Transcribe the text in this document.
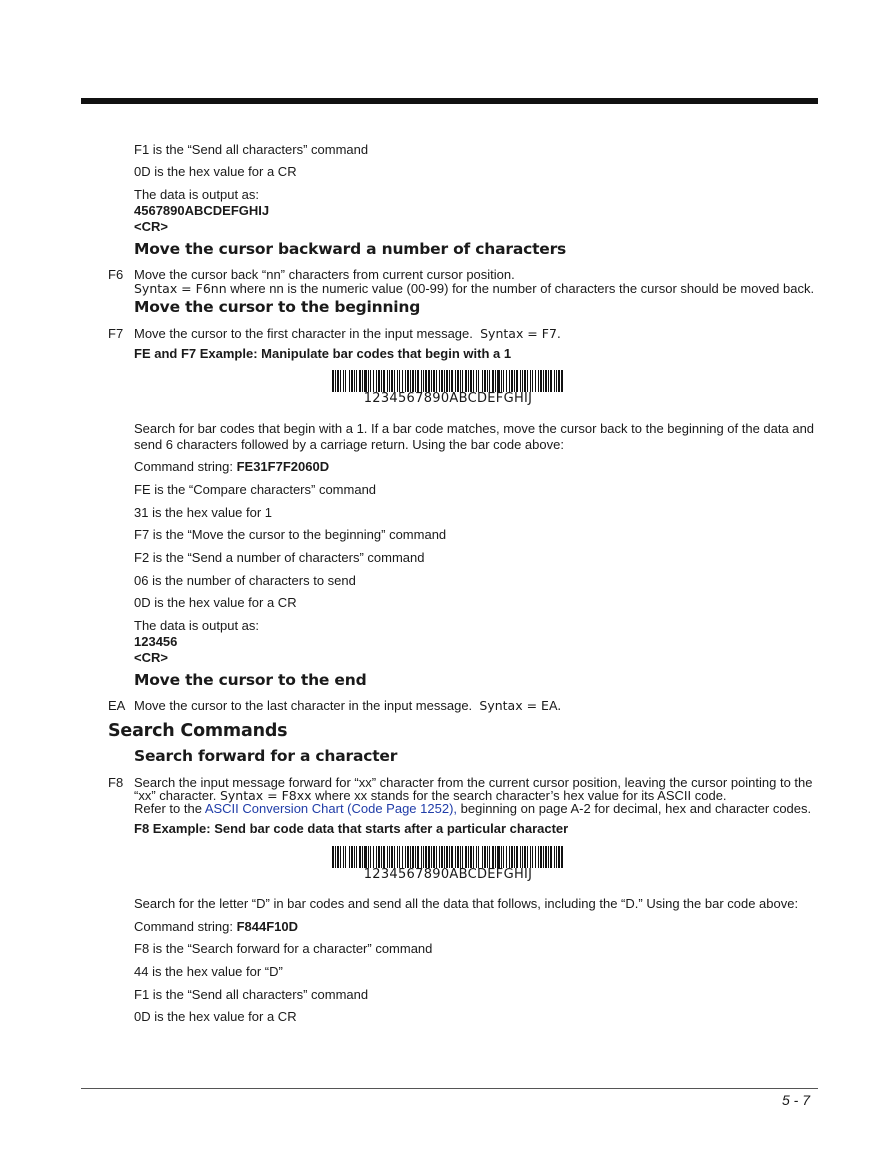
F1 is the “Send all characters” command
0D is the hex value for a CR
The data is output as:
4567890ABCDEFGHIJ
<CR>
Move the cursor backward a number of characters
F6 Move the cursor back “nn” characters from current cursor position.
Syntax = F6nn where nn is the numeric value (00-99) for the number of characters the cursor should be moved back.
Move the cursor to the beginning
F7 Move the cursor to the first character in the input message. Syntax = F7.
FE and F7 Example: Manipulate bar codes that begin with a 1
1234567890ABCDEFGHIJ
Search for bar codes that begin with a 1. If a bar code matches, move the cursor back to the beginning of the data and
send 6 characters followed by a carriage return. Using the bar code above:
Command string: FE31F7F2060D
FE is the “Compare characters” command
31 is the hex value for 1
F7 is the “Move the cursor to the beginning” command
F2 is the “Send a number of characters” command
06 is the number of characters to send
0D is the hex value for a CR
The data is output as:
123456
<CR>
Move the cursor to the end
EA Move the cursor to the last character in the input message. Syntax = EA.
Search Commands
Search forward for a character
F8 Search the input message forward for “xx” character from the current cursor position, leaving the cursor pointing to the
“xx” character. Syntax = F8xx where xx stands for the search character’s hex value for its ASCII code.
Refer to the ASCII Conversion Chart (Code Page 1252), beginning on page A-2 for decimal, hex and character codes.
F8 Example: Send bar code data that starts after a particular character
1234567890ABCDEFGHIJ
Search for the letter “D” in bar codes and send all the data that follows, including the “D.” Using the bar code above:
Command string: F844F10D
F8 is the “Search forward for a character” command
44 is the hex value for “D”
F1 is the “Send all characters” command
0D is the hex value for a CR
5 - 7
